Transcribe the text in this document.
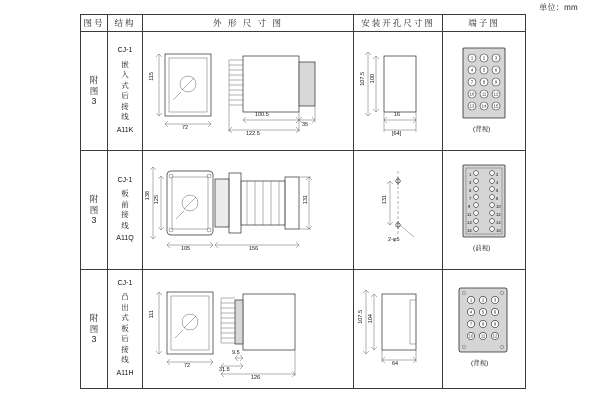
单位：mm
图号	结构	外 形 尺 寸 图	安装开孔尺寸图	端子图
附图3	
CJ-1
嵌入式后接线
A11K

115
72
100.5
122.5
35

107.5 100
16
[64]

1 2 3
4 5 6
7 8 9
10 11 12
13 14 15
(背视)

附图3	
CJ-1
板前接线
A11Q

138 125
105	156
131	131
2-φ5

1	2
3	4
5	6
7	8
9	10
11	12
13	14
15	16
(前视)

附图3	
CJ-1
凸出式板后接线
A11H

111
72
9.5
31.5
126

107.5 104
64

1 2 3
4 5 6
7 8 9
10 11 12
(背视)
